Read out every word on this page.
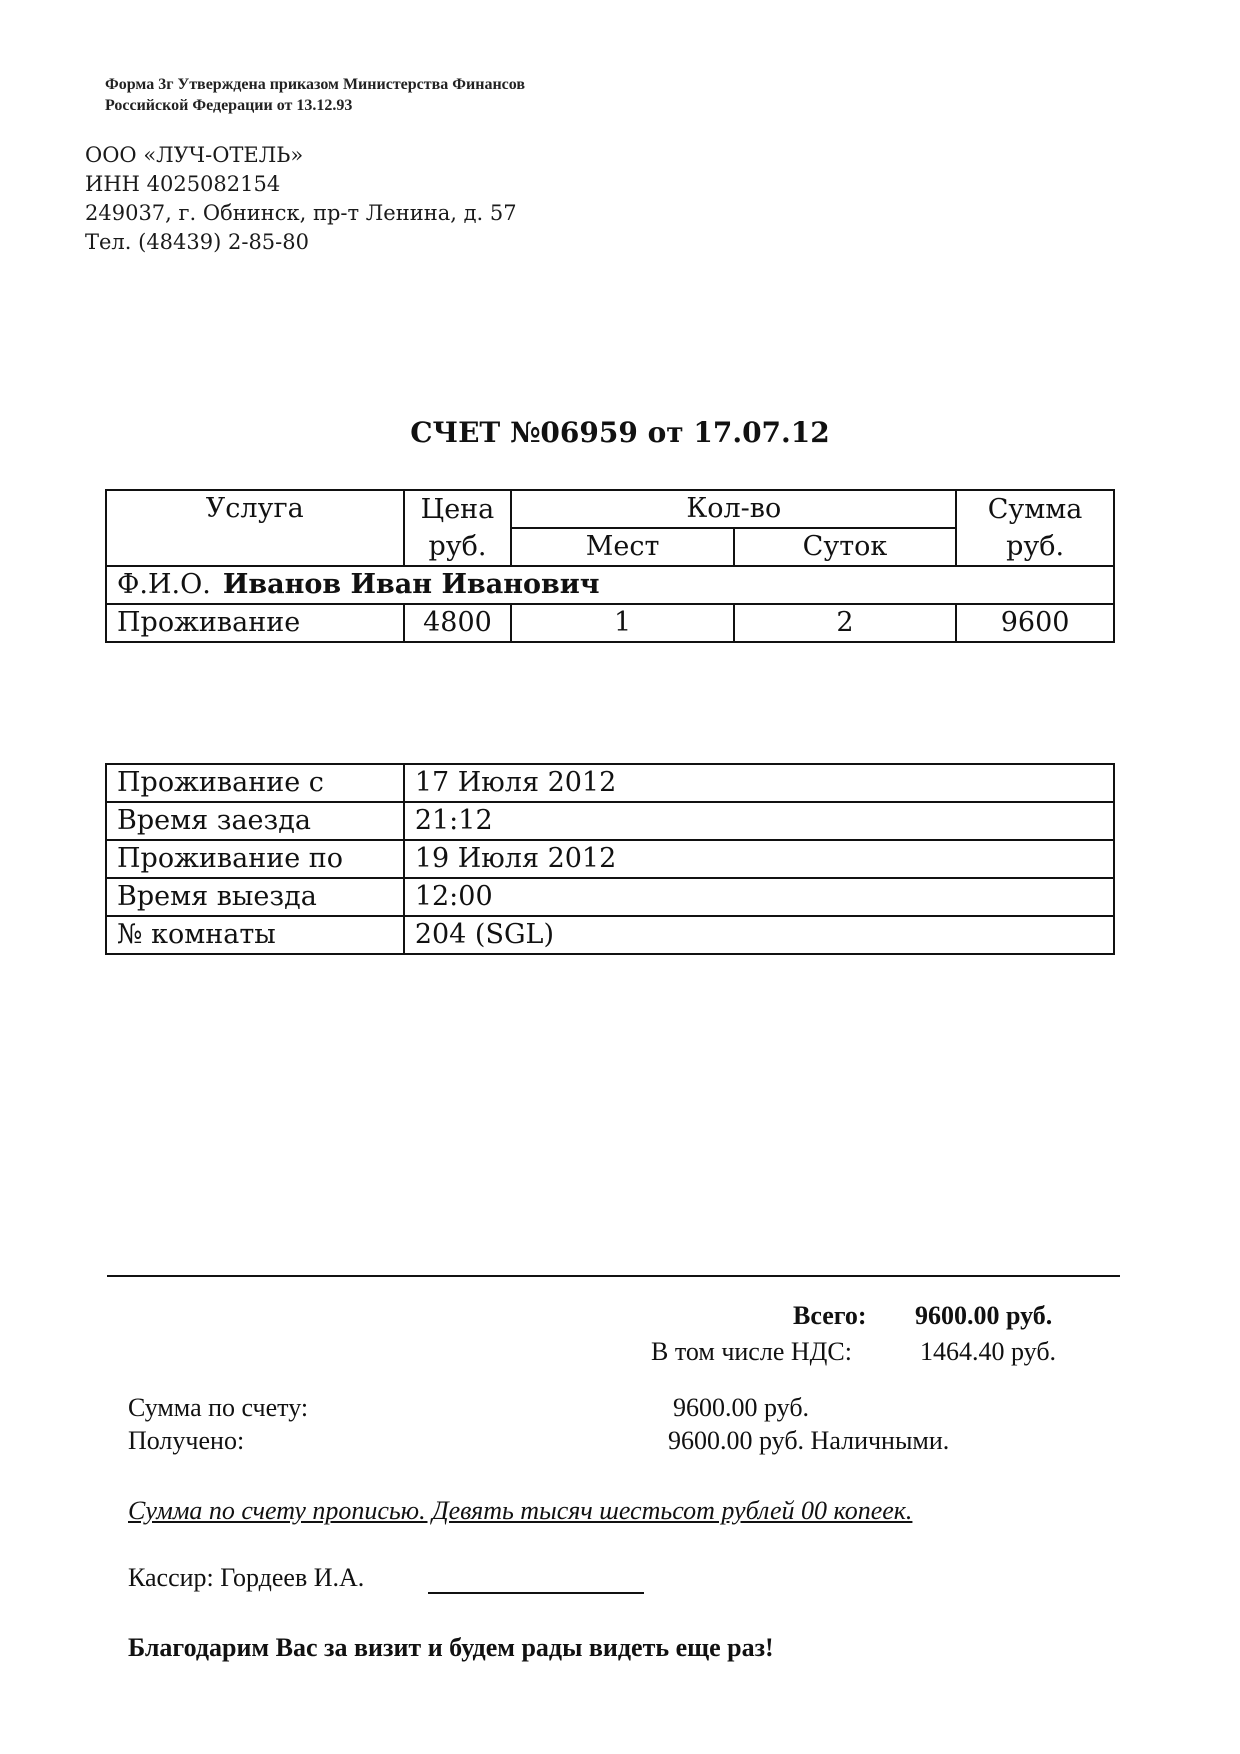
Форма 3г Утверждена приказом Министерства Финансов
Российской Федерации от 13.12.93
ООО «ЛУЧ-ОТЕЛЬ»
ИНН 4025082154
249037, г. Обнинск, пр-т Ленина, д. 57
Тел. (48439) 2-85-80
СЧЕТ №06959 от 17.07.12
Услуга	Цена	Кол-во		Сумма
	руб.	Мест	Суток	руб.
Ф.И.О. Иванов Иван Иванович				
Проживание	4800	1	2	9600
Проживание с	17 Июля 2012
Время заезда	21:12
Проживание по	19 Июля 2012
Время выезда	12:00
№ комнаты	204 (SGL)
Всего: 9600.00 руб.
В том числе НДС:	1464.40 руб.
Сумма по счету:	9600.00 руб.
Получено:	9600.00 руб. Наличными.
Сумма по счету прописью. Девять тысяч шестьсот рублей 00 копеек.
Кассир: Гордеев И.А.
Благодарим Вас за визит и будем рады видеть еще раз!
